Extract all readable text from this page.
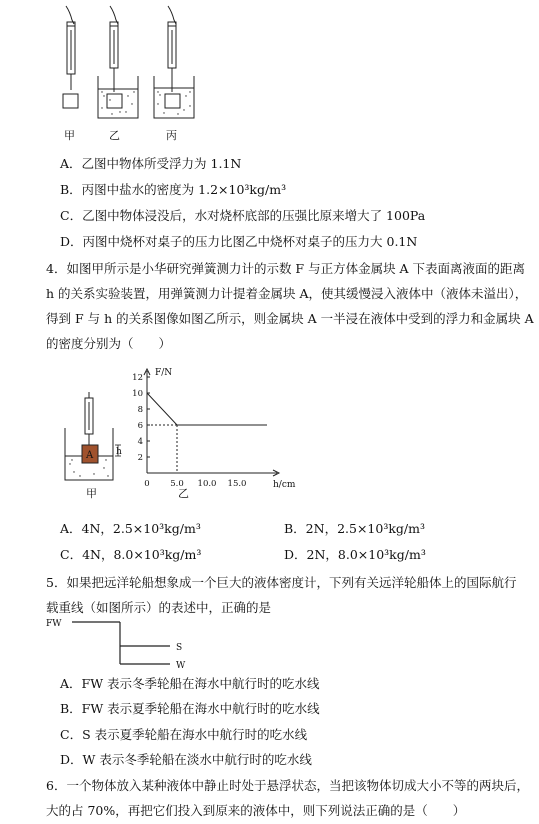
甲	乙	丙
A．乙图中物体所受浮力为 1.1N
B．丙图中盐水的密度为 1.2×10³kg/m³
C．乙图中物体浸没后，水对烧杯底部的压强比原来增大了 100Pa
D．丙图中烧杯对桌子的压力比图乙中烧杯对桌子的压力大 0.1N
4．如图甲所示是小华研究弹簧测力计的示数 F 与正方体金属块 A 下表面离液面的距离
h 的关系实验装置，用弹簧测力计提着金属块 A，使其缓慢浸入液体中（液体未溢出），
得到 F 与 h 的关系图像如图乙所示，则金属块 A 一半浸在液体中受到的浮力和金属块 A
的密度分别为（　　）
A	h
甲
F/N
h/cm
2
4
6
8
10
12
0 5.0 10.0 15.0
乙
A．4N，2.5×10³kg/m³	B．2N，2.5×10³kg/m³
C．4N，8.0×10³kg/m³	D．2N，8.0×10³kg/m³
5．如果把远洋轮船想象成一个巨大的液体密度计，下列有关远洋轮船体上的国际航行
载重线（如图所示）的表述中，正确的是
FW
S
W
A．FW 表示冬季轮船在海水中航行时的吃水线
B．FW 表示夏季轮船在海水中航行时的吃水线
C．S 表示夏季轮船在海水中航行时的吃水线
D．W 表示冬季轮船在淡水中航行时的吃水线
6．一个物体放入某种液体中静止时处于悬浮状态，当把该物体切成大小不等的两块后，
大的占 70%，再把它们投入到原来的液体中，则下列说法正确的是（　　）
